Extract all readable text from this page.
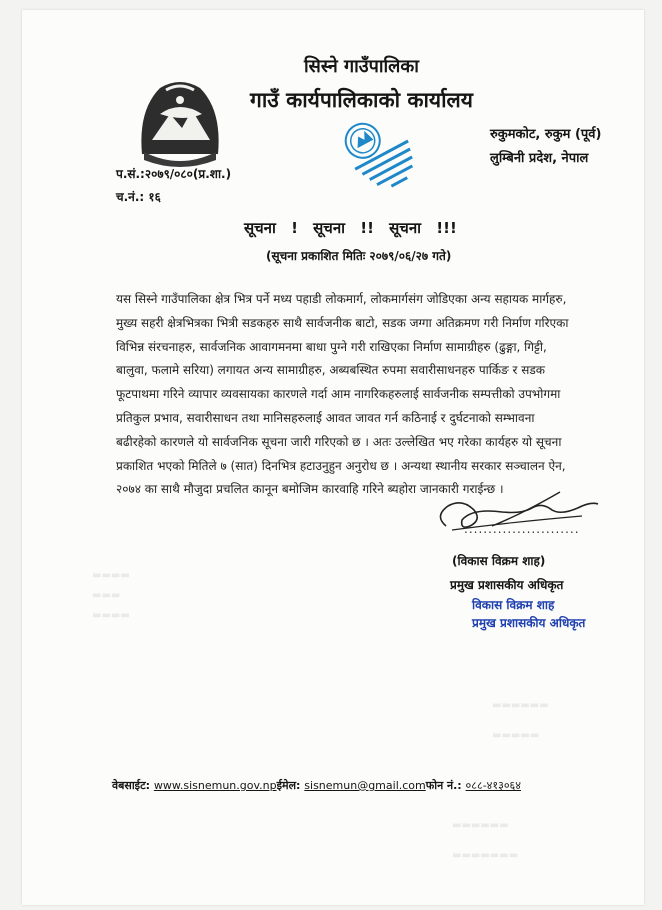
▬▬▬▬
▬▬▬
▬▬▬▬
▬▬▬▬▬▬
▬▬▬▬▬
▬▬▬▬▬▬
▬▬▬▬▬▬▬
सिस्ने गाउँपालिका
गाउँ कार्यपालिकाको कार्यालय
रुकुमकोट, रुकुम (पूर्व)
लुम्बिनी प्रदेश, नेपाल
प.सं.:२०७९/०८०(प्र.शा.)
च.नं.: १६
सूचना ! सूचना !! सूचना !!!
(सूचना प्रकाशित मितिः २०७९/०६/२७ गते)
यस सिस्ने गाउँपालिका क्षेत्र भित्र पर्ने मध्य पहाडी लोकमार्ग, लोकमार्गसंग जोडिएका अन्य सहायक मार्गहरु,
मुख्य सहरी क्षेत्रभित्रका भित्री सडकहरु साथै सार्वजनीक बाटो, सडक जग्गा अतिक्रमण गरी निर्माण गरिएका
विभिन्न संरचनाहरु, सार्वजनिक आवागमनमा बाधा पुग्ने गरी राखिएका निर्माण सामाग्रीहरु (ढुङ्गा, गिट्टी,
बालुवा, फलामे सरिया) लगायत अन्य सामाग्रीहरु, अब्यबस्थित रुपमा सवारीसाधनहरु पार्किङ र सडक
फूटपाथमा गरिने व्यापार व्यवसायका कारणले गर्दा आम नागरिकहरुलाई सार्वजनीक सम्पत्तीको उपभोगमा
प्रतिकुल प्रभाव, सवारीसाधन तथा मानिसहरुलाई आवत जावत गर्न कठिनाई र दुर्घटनाको सम्भावना
बढीरहेको कारणले यो सार्वजनिक सूचना जारी गरिएको छ । अतः उल्लेखित भए गरेका कार्यहरु यो सूचना
प्रकाशित भएको मितिले ७ (सात) दिनभित्र हटाउनुहुन अनुरोध छ । अन्यथा स्थानीय सरकार सञ्चालन ऐन,
२०७४ का साथै मौजुदा प्रचलित कानून बमोजिम कारवाहि गरिने ब्यहोरा जानकारी गराईन्छ ।
........................
(विकास विक्रम शाह)
प्रमुख प्रशासकीय अधिकृत
विकास विक्रम शाह
प्रमुख प्रशासकीय अधिकृत
वेबसाईट: www.sisnemun.gov.npईमेल: sisnemun@gmail.comफोन नं.: ०८८-४१३०६४
